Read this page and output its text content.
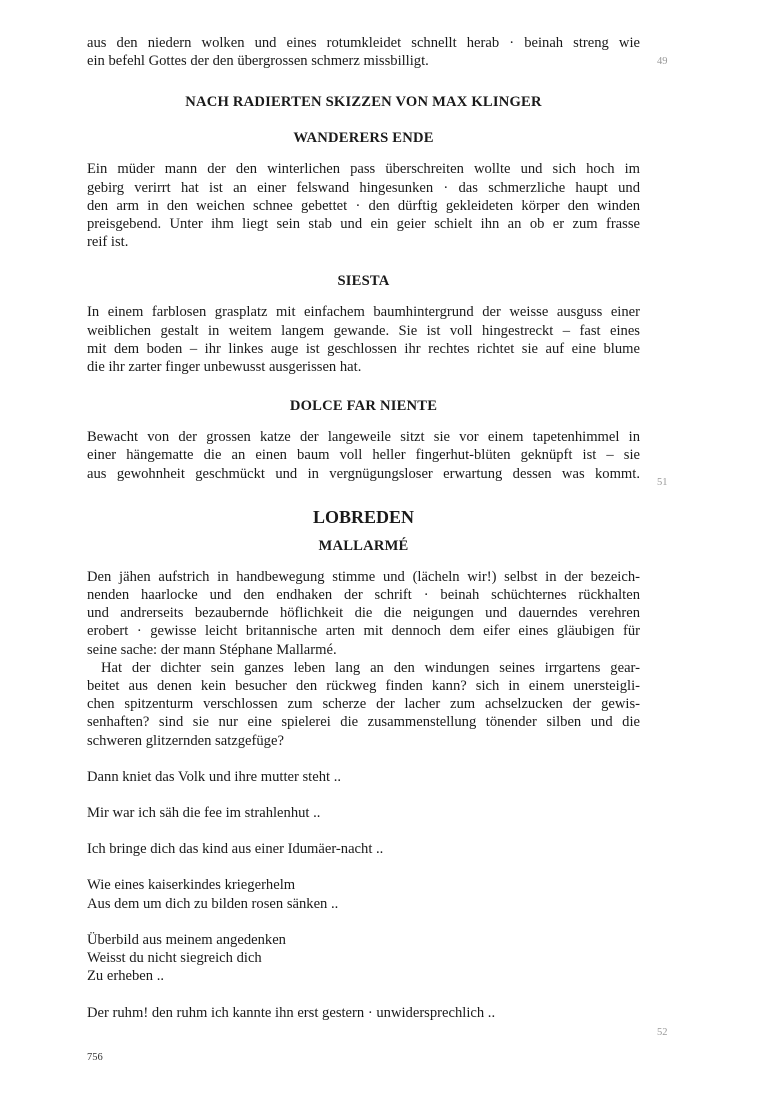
49
51
52

aus den niedern wolken und eines rotumkleidet schnellt herab · beinah streng wie

ein befehl Gottes der den übergrossen schmerz missbilligt.

NACH RADIERTEN SKIZZEN VON MAX KLINGER
WANDERERS ENDE

Ein müder mann der den winterlichen pass überschreiten wollte und sich hoch im

gebirg verirrt hat ist an einer felswand hingesunken · das schmerzliche haupt und

den arm in den weichen schnee gebettet · den dürftig gekleideten körper den winden

preisgebend. Unter ihm liegt sein stab und ein geier schielt ihn an ob er zum frasse

reif ist.

SIESTA

In einem farblosen grasplatz mit einfachem baumhintergrund der weisse ausguss einer

weiblichen gestalt in weitem langem gewande. Sie ist voll hingestreckt – fast eines

mit dem boden – ihr linkes auge ist geschlossen ihr rechtes richtet sie auf eine blume

die ihr zarter finger unbewusst ausgerissen hat.

DOLCE FAR NIENTE

Bewacht von der grossen katze der langeweile sitzt sie vor einem tapetenhimmel in

einer hängematte die an einen baum voll heller fingerhut-blüten geknüpft ist – sie

aus gewohnheit geschmückt und in vergnügungsloser erwartung dessen was kommt.

LOBREDEN
MALLARMÉ

Den jähen aufstrich in handbewegung stimme und (lächeln wir!) selbst in der bezeich-

nenden haarlocke und den endhaken der schrift · beinah schüchternes rückhalten

und andrerseits bezaubernde höflichkeit die die neigungen und dauerndes verehren

erobert · gewisse leicht britannische arten mit dennoch dem eifer eines gläubigen für

seine sache: der mann Stéphane Mallarmé.

Hat der dichter sein ganzes leben lang an den windungen seines irrgartens gear-

beitet aus denen kein besucher den rückweg finden kann? sich in einem unersteigli-

chen spitzenturm verschlossen zum scherze der lacher zum achselzucken der gewis-

senhaften? sind sie nur eine spielerei die zusammenstellung tönender silben und die

schweren glitzernden satzgefüge?

Dann kniet das Volk und ihre mutter steht ..

Mir war ich säh die fee im strahlenhut ..

Ich bringe dich das kind aus einer Idumäer-nacht ..

Wie eines kaiserkindes kriegerhelm

Aus dem um dich zu bilden rosen sänken ..

Überbild aus meinem angedenken

Weisst du nicht siegreich dich

Zu erheben ..

Der ruhm! den ruhm ich kannte ihn erst gestern · unwidersprechlich ..

756
